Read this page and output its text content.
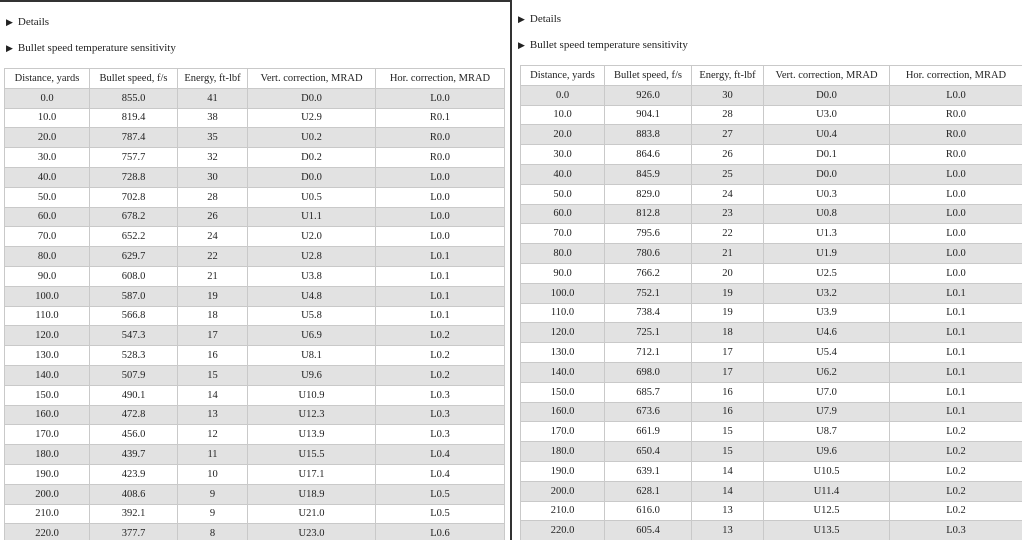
▶ Details
▶ Bullet speed temperature sensitivity
Distance, yards	Bullet speed, f/s	Energy, ft-lbf	Vert. correction, MRAD	Hor. correction, MRAD
0.0	855.0	41	D0.0	L0.0
10.0	819.4	38	U2.9	R0.1
20.0	787.4	35	U0.2	R0.0
30.0	757.7	32	D0.2	R0.0
40.0	728.8	30	D0.0	L0.0
50.0	702.8	28	U0.5	L0.0
60.0	678.2	26	U1.1	L0.0
70.0	652.2	24	U2.0	L0.0
80.0	629.7	22	U2.8	L0.1
90.0	608.0	21	U3.8	L0.1
100.0	587.0	19	U4.8	L0.1
110.0	566.8	18	U5.8	L0.1
120.0	547.3	17	U6.9	L0.2
130.0	528.3	16	U8.1	L0.2
140.0	507.9	15	U9.6	L0.2
150.0	490.1	14	U10.9	L0.3
160.0	472.8	13	U12.3	L0.3
170.0	456.0	12	U13.9	L0.3
180.0	439.7	11	U15.5	L0.4
190.0	423.9	10	U17.1	L0.4
200.0	408.6	9	U18.9	L0.5
210.0	392.1	9	U21.0	L0.5
220.0	377.7	8	U23.0	L0.6
▶ Details
▶ Bullet speed temperature sensitivity
Distance, yards	Bullet speed, f/s	Energy, ft-lbf	Vert. correction, MRAD	Hor. correction, MRAD
0.0	926.0	30	D0.0	L0.0
10.0	904.1	28	U3.0	R0.0
20.0	883.8	27	U0.4	R0.0
30.0	864.6	26	D0.1	R0.0
40.0	845.9	25	D0.0	L0.0
50.0	829.0	24	U0.3	L0.0
60.0	812.8	23	U0.8	L0.0
70.0	795.6	22	U1.3	L0.0
80.0	780.6	21	U1.9	L0.0
90.0	766.2	20	U2.5	L0.0
100.0	752.1	19	U3.2	L0.1
110.0	738.4	19	U3.9	L0.1
120.0	725.1	18	U4.6	L0.1
130.0	712.1	17	U5.4	L0.1
140.0	698.0	17	U6.2	L0.1
150.0	685.7	16	U7.0	L0.1
160.0	673.6	16	U7.9	L0.1
170.0	661.9	15	U8.7	L0.2
180.0	650.4	15	U9.6	L0.2
190.0	639.1	14	U10.5	L0.2
200.0	628.1	14	U11.4	L0.2
210.0	616.0	13	U12.5	L0.2
220.0	605.4	13	U13.5	L0.3
